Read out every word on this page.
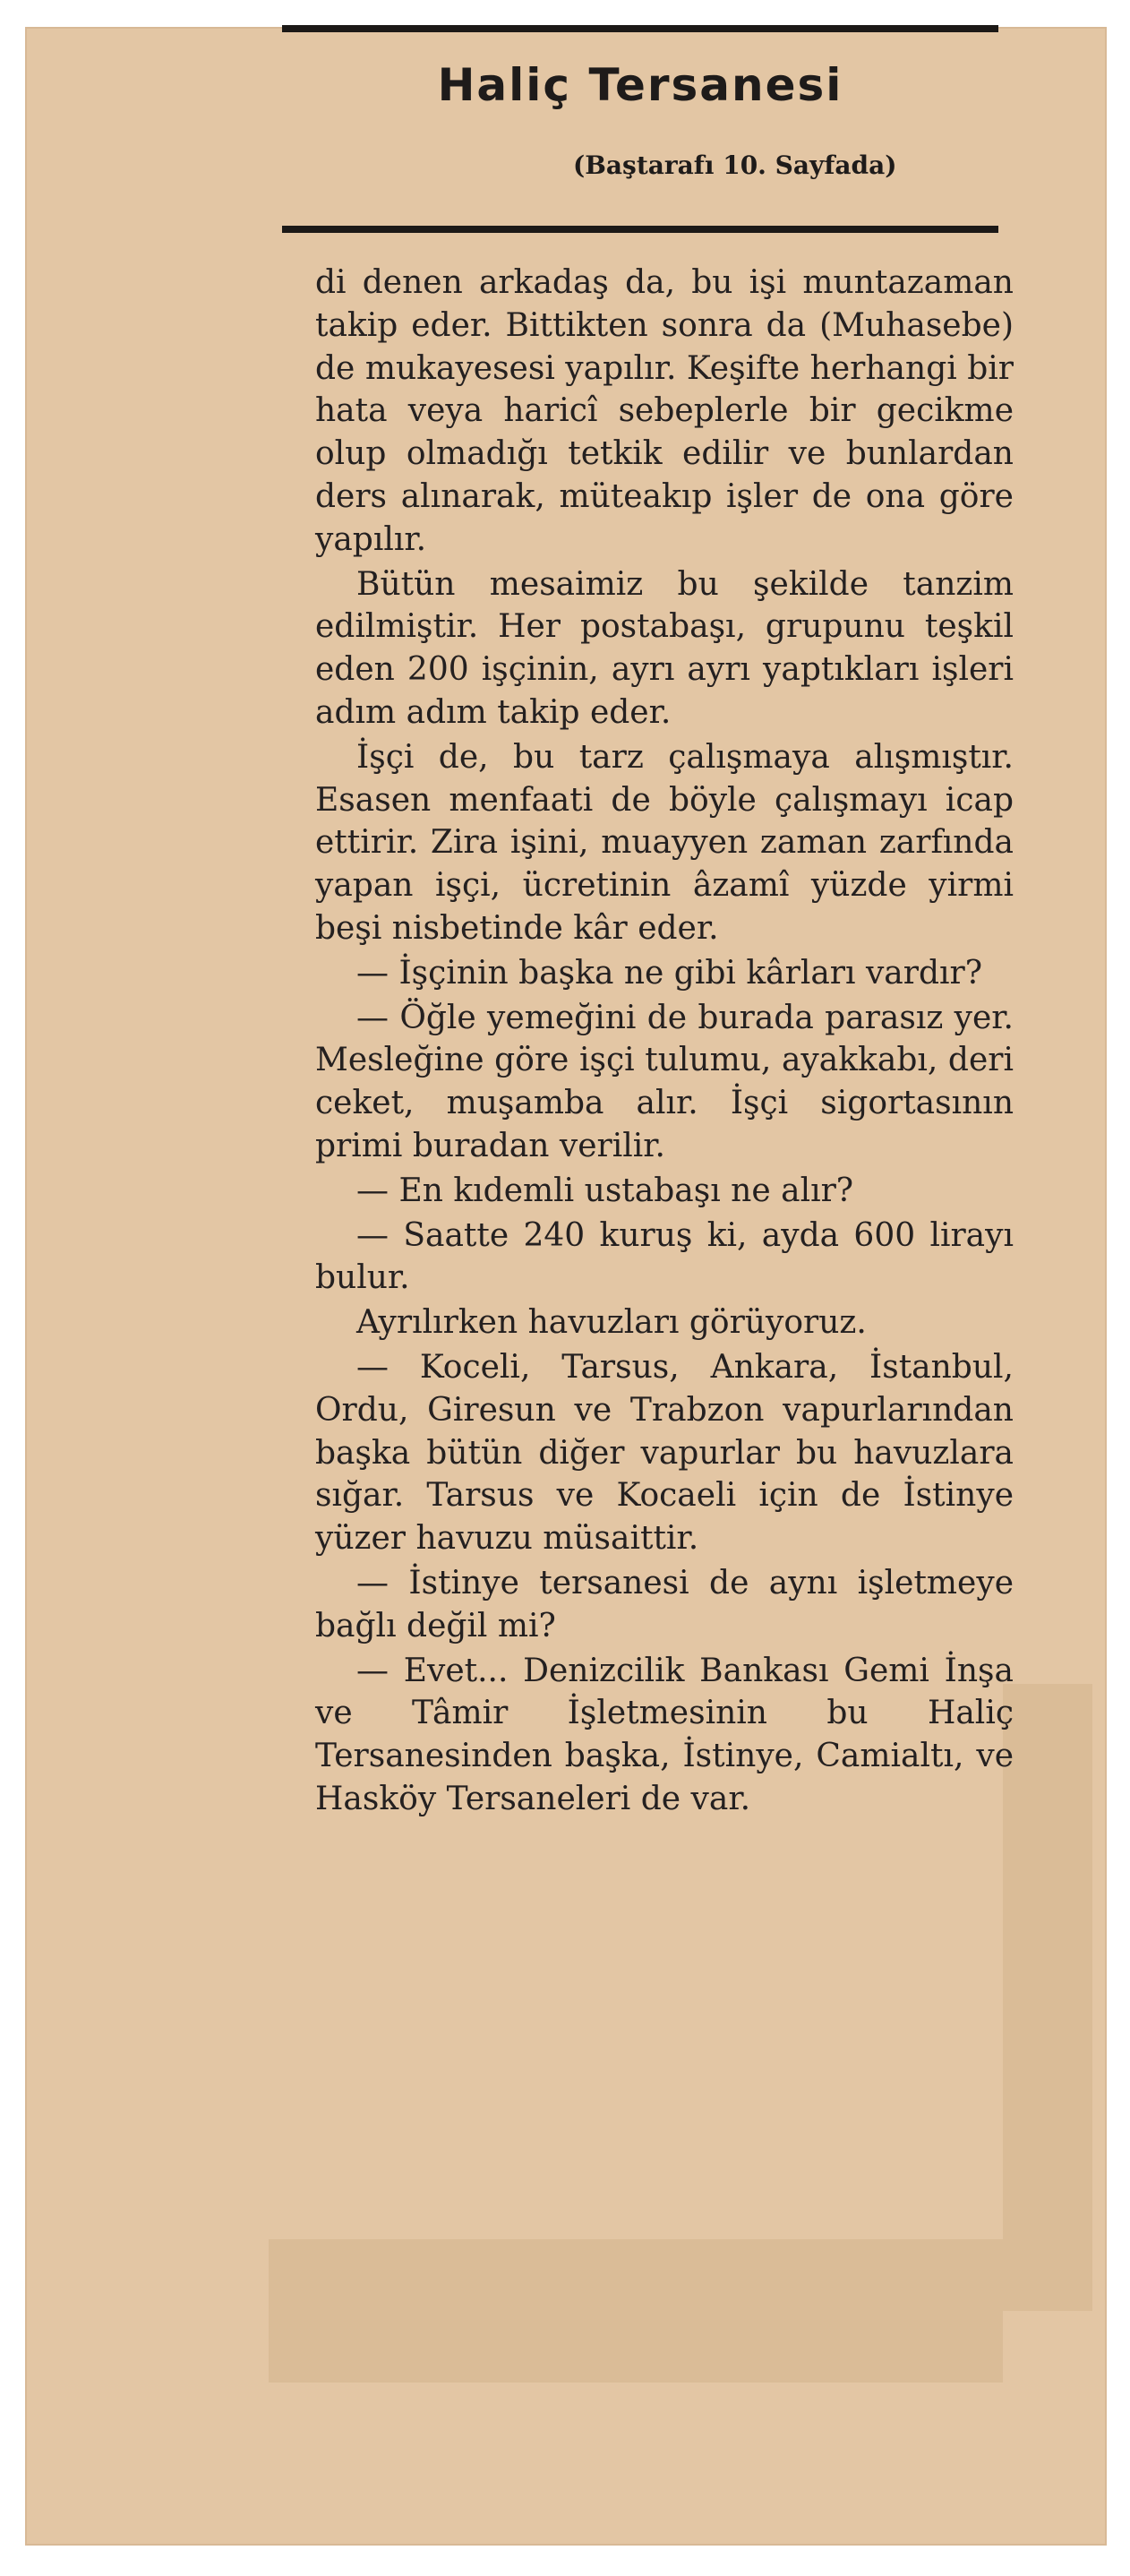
Haliç Tersanesi

(Baştarafı 10. Sayfada)

di denen arkadaş da, bu işi muntazaman takip eder. Bittikten sonra da (Muhasebe) de mukayesesi yapılır. Keşifte herhangi bir hata veya haricî sebeplerle bir gecikme olup olmadığı tetkik edilir ve bunlardan ders alınarak, müteakıp işler de ona göre yapılır.

Bütün mesaimiz bu şekilde tanzim edilmiştir. Her postabaşı, grupunu teşkil eden 200 işçinin, ayrı ayrı yaptıkları işleri adım adım takip eder.

İşçi de, bu tarz çalışmaya alışmıştır. Esasen menfaati de böyle çalışmayı icap ettirir. Zira işini, muayyen zaman zarfında yapan işçi, ücretinin âzamî yüzde yirmi beşi nisbetinde kâr eder.

— İşçinin başka ne gibi kârları vardır?

— Öğle yemeğini de burada parasız yer. Mesleğine göre işçi tulumu, ayakkabı, deri ceket, muşamba alır. İşçi sigortasının primi buradan verilir.

— En kıdemli ustabaşı ne alır?

— Saatte 240 kuruş ki, ayda 600 lirayı bulur.

Ayrılırken havuzları görüyoruz.

— Koceli, Tarsus, Ankara, İstanbul, Ordu, Giresun ve Trabzon vapurlarından başka bütün diğer vapurlar bu havuzlara sığar. Tarsus ve Kocaeli için de İstinye yüzer havuzu müsaittir.

— İstinye tersanesi de aynı işletmeye bağlı değil mi?

— Evet... Denizcilik Bankası Gemi İnşa ve Tâmir İşletmesinin bu Haliç Tersanesinden başka, İstinye, Camialtı, ve Hasköy Tersaneleri de var.
